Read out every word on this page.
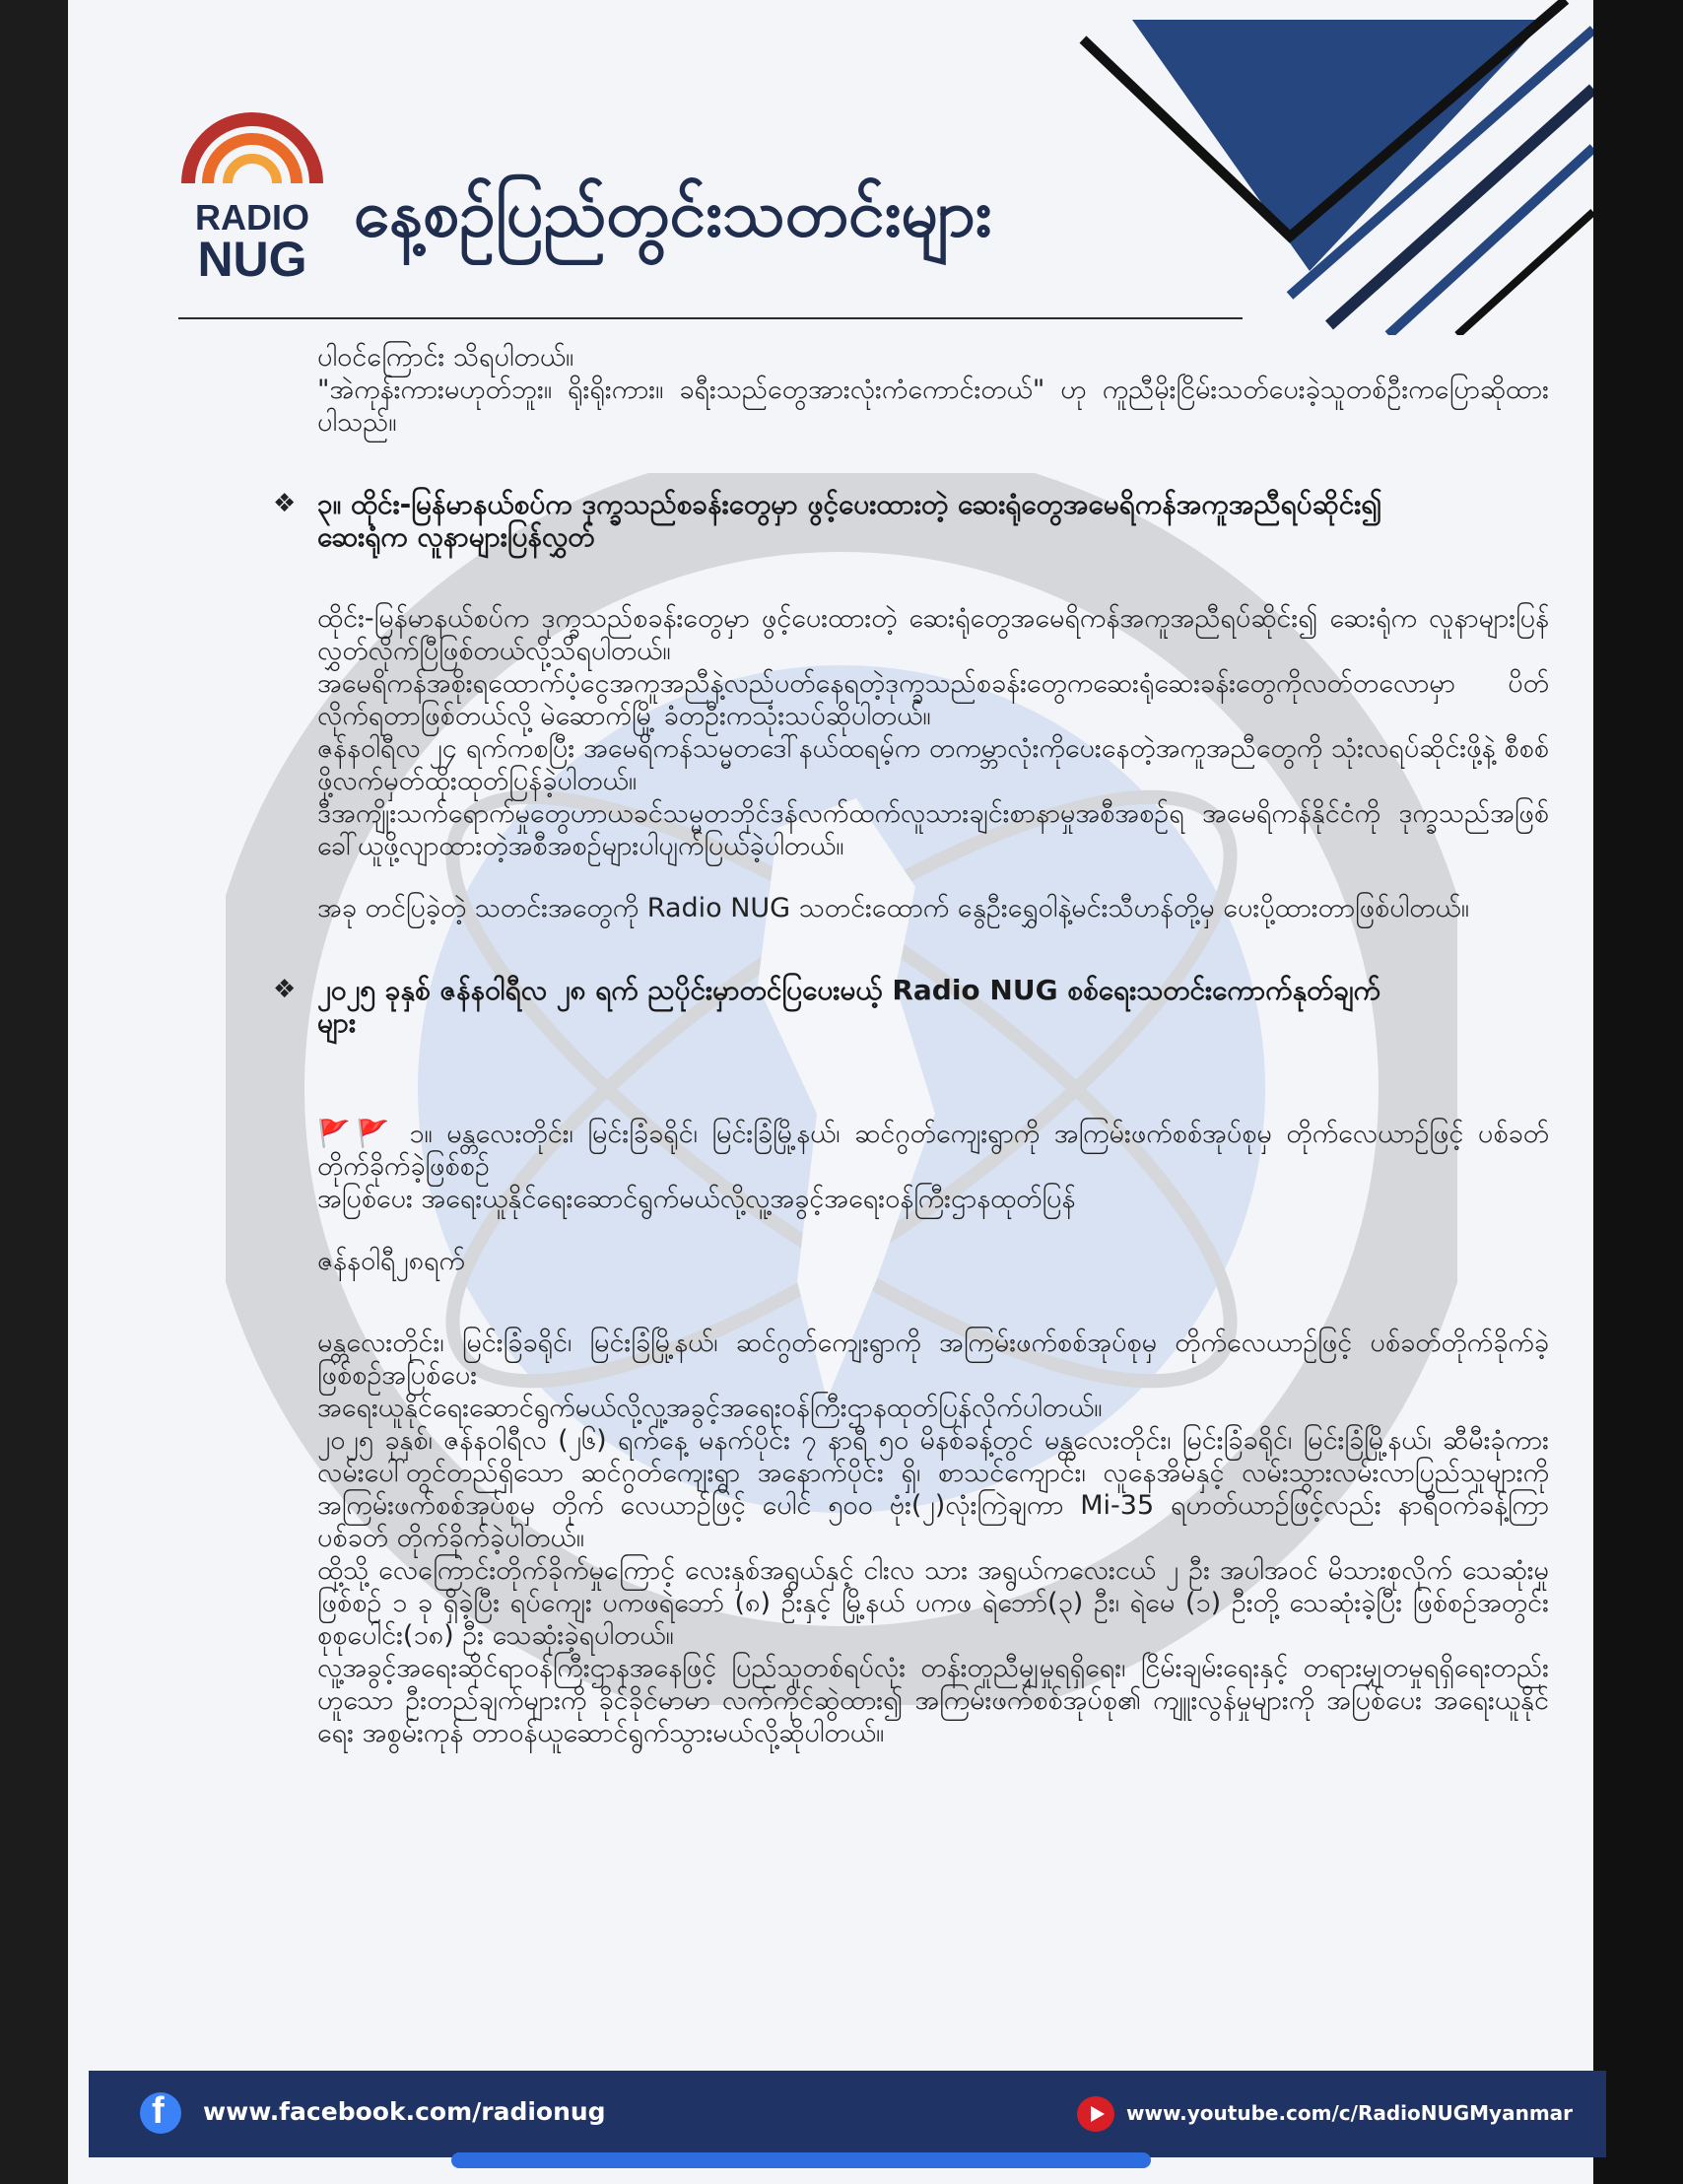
RADIO
NUG
နေ့စဉ်ပြည်တွင်းသတင်းများ

ပါဝင်ကြောင်း သိရပါတယ်။

"အဲကုန်းကားမဟုတ်ဘူး။ ရိုးရိုးကား။ ခရီးသည်တွေအားလုံးကံကောင်းတယ်" ဟု ကူညီမိုးငြိမ်းသတ်ပေးခဲ့သူတစ်ဦးကပြောဆိုထားပါသည်။

❖ ၃။ ထိုင်း-မြန်မာနယ်စပ်က ဒုက္ခသည်စခန်းတွေမှာ ဖွင့်ပေးထားတဲ့ ဆေးရုံတွေအမေရိကန်အကူအညီရပ်ဆိုင်း၍ ဆေးရုံက လူနာများပြန်လွှတ်

ထိုင်း-မြန်မာနယ်စပ်က ဒုက္ခသည်စခန်းတွေမှာ ဖွင့်ပေးထားတဲ့ ဆေးရုံတွေအမေရိကန်အကူအညီရပ်ဆိုင်း၍ ဆေးရုံက လူနာများပြန်လွှတ်လိုက်ပြီဖြစ်တယ်လို့သိရပါတယ်။

အမေရိကန်အစိုးရထောက်ပံ့ငွေအကူအညီနဲ့လည်ပတ်နေရတဲ့ဒုက္ခသည်စခန်းတွေကဆေးရုံဆေးခန်းတွေကိုလတ်တလောမှာ ပိတ်လိုက်ရတာဖြစ်တယ်လို့ မဲဆောက်မြို့ ခံတဦးကသုံးသပ်ဆိုပါတယ်။

ဇန်နဝါရီလ ၂၄ ရက်ကစပြီး အမေရိကန်သမ္မတဒေါ်နယ်ထရမ့်က တကမ္ဘာလုံးကိုပေးနေတဲ့အကူအညီတွေကို သုံးလရပ်ဆိုင်းဖို့နဲ့ စီစစ်ဖို့လက်မှတ်ထိုးထုတ်ပြန်ခဲ့ပါတယ်။

ဒီအကျိုးသက်ရောက်မှုတွေဟာယခင်သမ္မတဘိုင်ဒန်လက်ထက်လူသားချင်းစာနာမှုအစီအစဉ်ရ အမေရိကန်နိုင်ငံကို ဒုက္ခသည်အဖြစ်ခေါ်ယူဖို့လျာထားတဲ့အစီအစဉ်များပါပျက်ပြယ်ခဲ့ပါတယ်။

အခု တင်ပြခဲ့တဲ့ သတင်းအတွေကို Radio NUG သတင်းထောက် နွေဦးရွှေဝါနဲ့မင်းသီဟန်တို့မှ ပေးပို့ထားတာဖြစ်ပါတယ်။

❖ ၂၀၂၅ ခုနှစ် ဇန်နဝါရီလ ၂၈ ရက် ညပိုင်းမှာတင်ပြပေးမယ့် Radio NUG စစ်ရေးသတင်းကောက်နုတ်ချက်များ

🚩🚩 ၁။ မန္တလေးတိုင်း၊ မြင်းခြံခရိုင်၊ မြင်းခြံမြို့နယ်၊ ဆင်ဂွတ်ကျေးရွာကို အကြမ်းဖက်စစ်အုပ်စုမှ တိုက်လေယာဉ်ဖြင့် ပစ်ခတ်တိုက်ခိုက်ခဲ့ဖြစ်စဉ်

အပြစ်ပေး အရေးယူနိုင်ရေးဆောင်ရွက်မယ်လို့လူ့အခွင့်အရေးဝန်ကြီးဌာနထုတ်ပြန်

ဇန်နဝါရီ၂၈ရက်

မန္တလေးတိုင်း၊ မြင်းခြံခရိုင်၊ မြင်းခြံမြို့နယ်၊ ဆင်ဂွတ်ကျေးရွာကို အကြမ်းဖက်စစ်အုပ်စုမှ တိုက်လေယာဉ်ဖြင့် ပစ်ခတ်တိုက်ခိုက်ခဲ့ဖြစ်စဉ်အပြစ်ပေး

အရေးယူနိုင်ရေးဆောင်ရွက်မယ်လို့လူ့အခွင့်အရေးဝန်ကြီးဌာနထုတ်ပြန်လိုက်ပါတယ်။

၂၀၂၅ ခုနှစ်၊ ဇန်နဝါရီလ (၂၆) ရက်နေ့ မနက်ပိုင်း ၇ နာရီ ၅၀ မိနစ်ခန့်တွင် မန္တလေးတိုင်း၊ မြင်းခြံခရိုင်၊ မြင်းခြံမြို့နယ်၊ ဆီမီးခုံကားလမ်းပေါ်တွင်တည်ရှိသော ဆင်ဂွတ်ကျေးရွာ အနောက်ပိုင်း ရှိ၊ စာသင်ကျောင်း၊ လူနေအိမ်နှင့် လမ်းသွားလမ်းလာပြည်သူများကို အကြမ်းဖက်စစ်အုပ်စုမှ တိုက် လေယာဉ်ဖြင့် ပေါင် ၅၀၀ ဗုံး(၂)လုံးကြဲချကာ Mi-35 ရဟတ်ယာဉ်ဖြင့်လည်း နာရီဝက်ခန့်ကြာ ပစ်ခတ် တိုက်ခိုက်ခဲ့ပါတယ်။

ထို့သို့ လေကြောင်းတိုက်ခိုက်မှုကြောင့် လေးနှစ်အရွယ်နှင့် ငါးလ သား အရွယ်ကလေးငယ် ၂ ဦး အပါအဝင် မိသားစုလိုက် သေဆုံးမှု ဖြစ်စဉ် ၁ ခု ရှိခဲ့ပြီး ရပ်ကျေး ပကဖရဲဘော် (၈) ဦးနှင့် မြို့နယ် ပကဖ ရဲဘော်(၃) ဦး၊ ရဲမေ (၁) ဦးတို့ သေဆုံးခဲ့ပြီး ဖြစ်စဉ်အတွင်း စုစုပေါင်း(၁၈) ဦး သေဆုံးခဲ့ရပါတယ်။

လူ့အခွင့်အရေးဆိုင်ရာဝန်ကြီးဌာနအနေဖြင့် ပြည်သူတစ်ရပ်လုံး တန်းတူညီမျှမှုရရှိရေး၊ ငြိမ်းချမ်းရေးနှင့် တရားမျှတမှုရရှိရေးတည်းဟူသော ဦးတည်ချက်များကို ခိုင်ခိုင်မာမာ လက်ကိုင်ဆွဲထား၍ အကြမ်းဖက်စစ်အုပ်စု၏ ကျူးလွန်မှုများကို အပြစ်ပေး အရေးယူနိုင်ရေး အစွမ်းကုန် တာဝန်ယူဆောင်ရွက်သွားမယ်လို့ဆိုပါတယ်။

f www.facebook.com/radionug	www.youtube.com/c/RadioNUGMyanmar
